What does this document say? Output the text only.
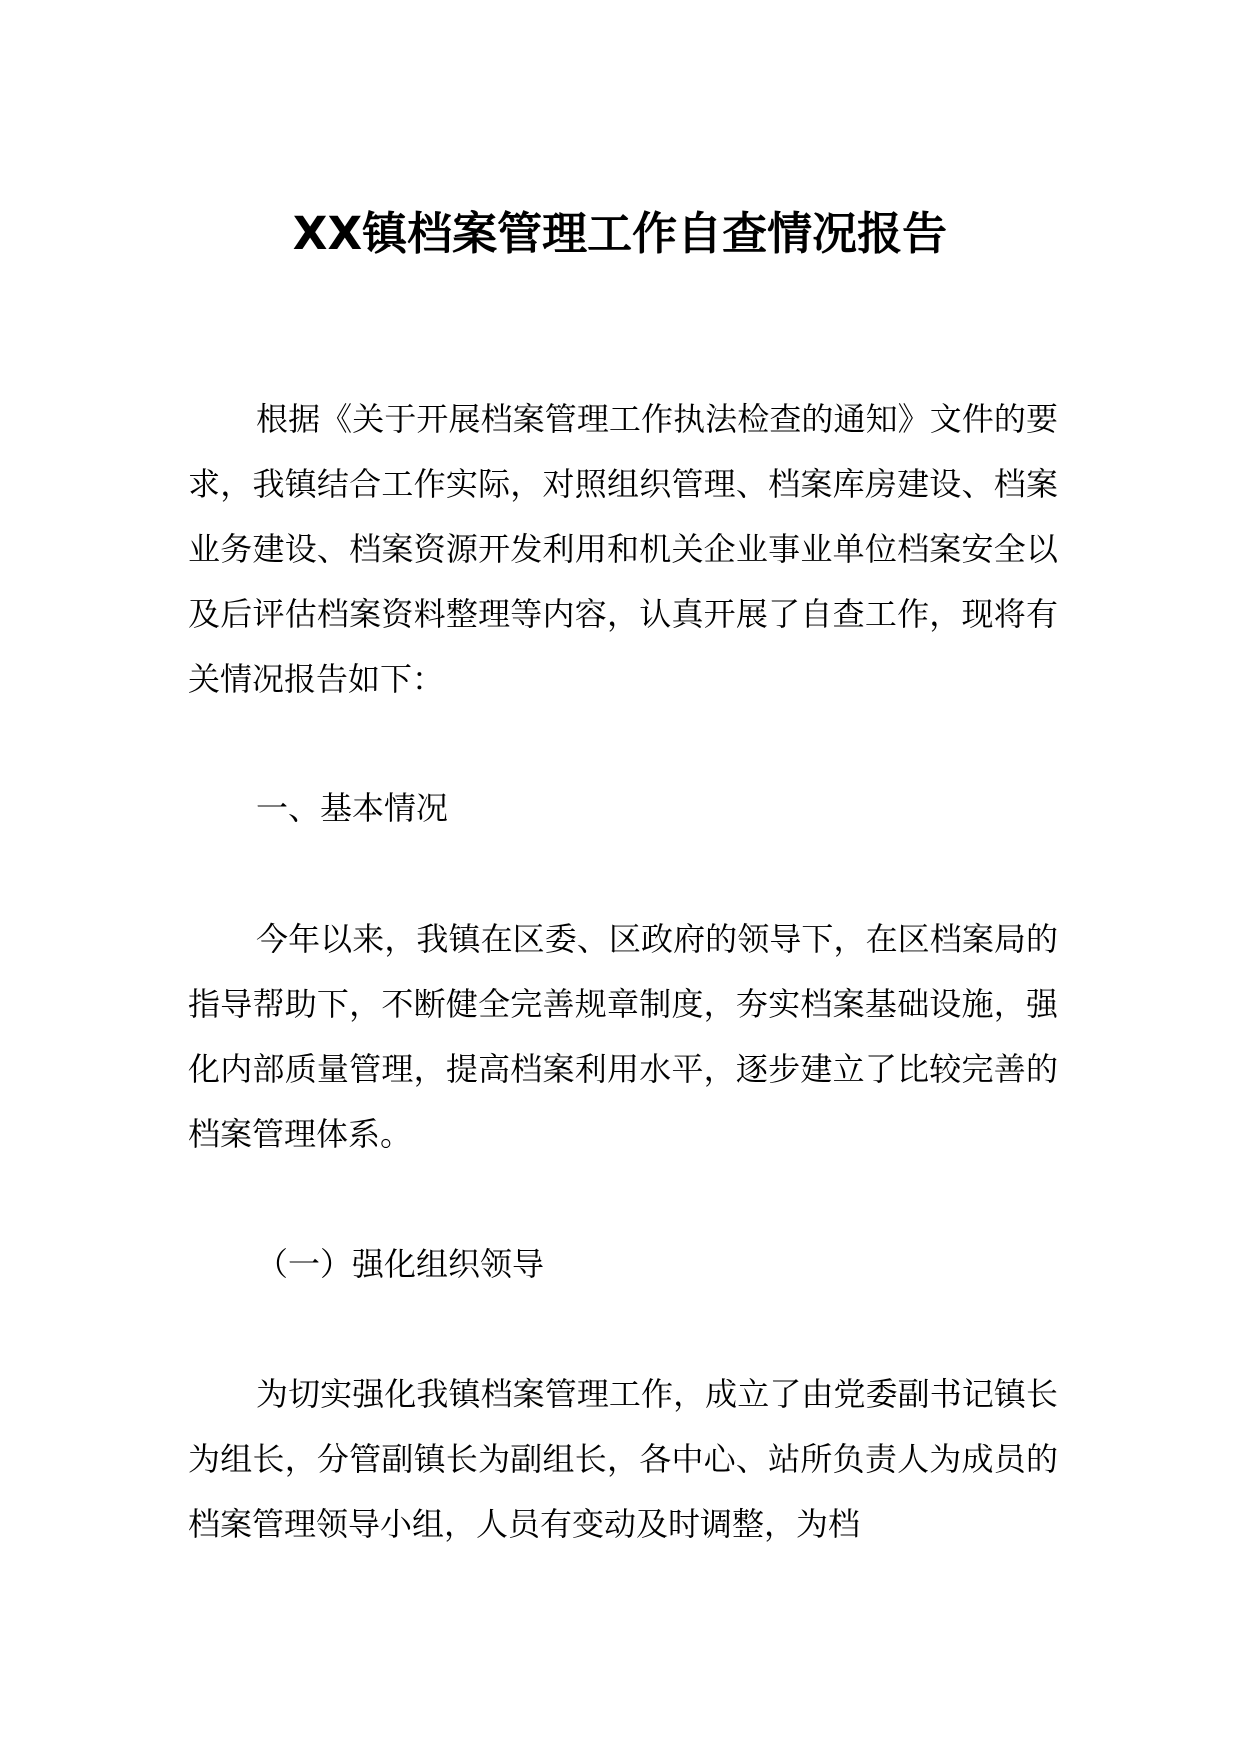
XX镇档案管理工作自查情况报告

根据《关于开展档案管理工作执法检查的通知》文件的要求，我镇结合工作实际，对照组织管理、档案库房建设、档案业务建设、档案资源开发利用和机关企业事业单位档案安全以及后评估档案资料整理等内容，认真开展了自查工作，现将有关情况报告如下：

一、基本情况

今年以来，我镇在区委、区政府的领导下，在区档案局的指导帮助下，不断健全完善规章制度，夯实档案基础设施，强化内部质量管理，提高档案利用水平，逐步建立了比较完善的档案管理体系。

（一）强化组织领导

为切实强化我镇档案管理工作，成立了由党委副书记镇长为组长，分管副镇长为副组长，各中心、站所负责人为成员的档案管理领导小组，人员有变动及时调整，为档
